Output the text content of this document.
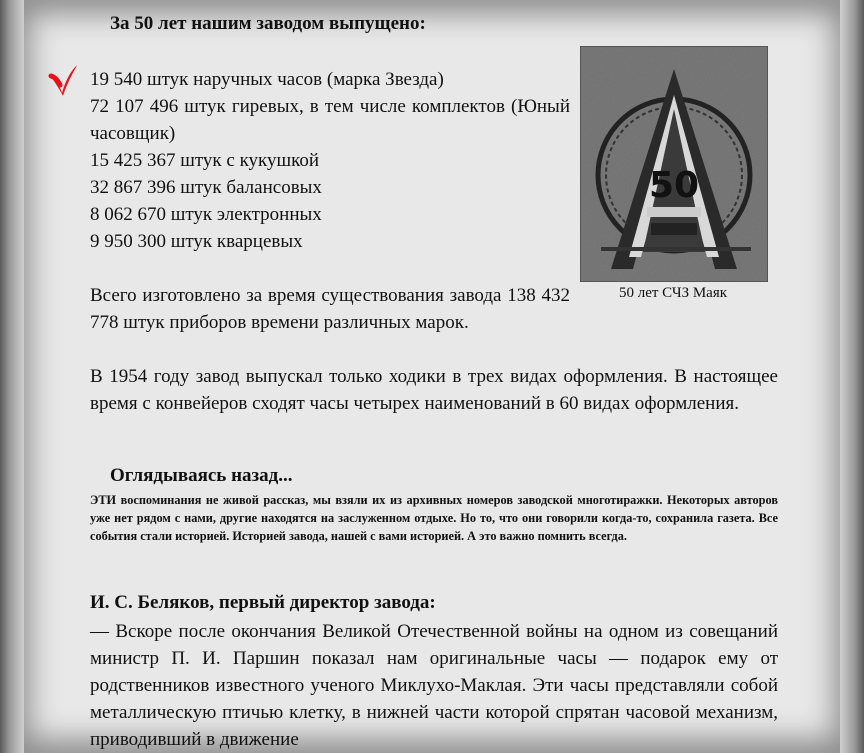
За 50 лет нашим заводом выпущено:
19 540 штук наручных часов (марка Звезда)
72 107 496 штук гиревых, в тем числе комплектов (Юный часовщик)
15 425 367 штук с кукушкой
32 867 396 штук балансовых
8 062 670 штук электронных
9 950 300 штук кварцевых
50
50 лет СЧЗ Маяк
Всего изготовлено за время существования завода 138 432 778 штук приборов времени различных марок.
В 1954 году завод выпускал только ходики в трех видах оформления. В настоящее время с конвейеров сходят часы четырех наименований в 60 видах оформления.
Оглядываясь назад...
ЭТИ воспоминания не живой рассказ, мы взяли их из архивных номеров заводской многотиражки. Некоторых авторов уже нет рядом с нами, другие находятся на заслуженном отдыхе. Но то, что они говорили когда-то, сохранила газета. Все события стали историей. Историей завода, нашей с вами историей. А это важно помнить всегда.
И. С. Беляков, первый директор завода:
— Вскоре после окончания Великой Отечественной войны на одном из совещаний министр П. И. Паршин показал нам оригинальные часы — подарок ему от родственников известного ученого Миклухо-Маклая. Эти часы представляли собой металлическую птичью клетку, в нижней части которой спрятан часовой механизм, приводивший в движение
